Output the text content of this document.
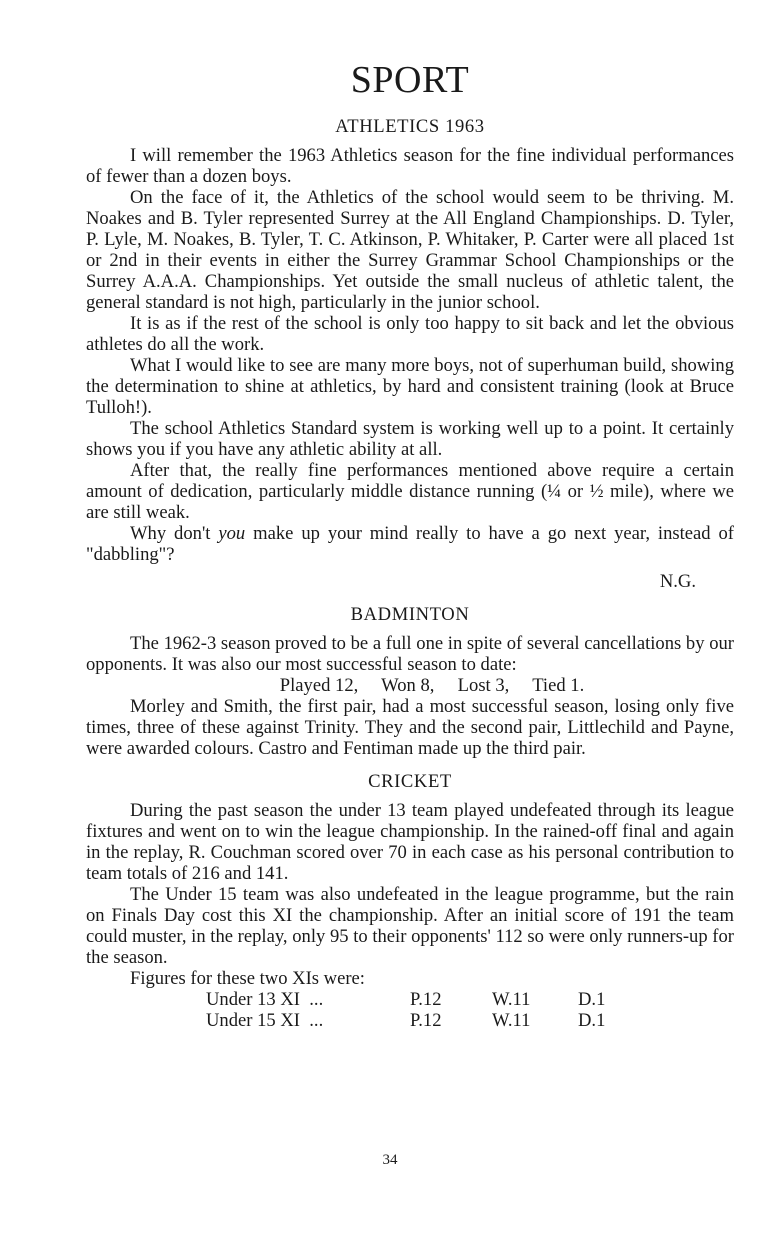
SPORT
ATHLETICS 1963

I will remember the 1963 Athletics season for the fine individual performances of fewer than a dozen boys.

On the face of it, the Athletics of the school would seem to be thriving. M. Noakes and B. Tyler represented Surrey at the All England Championships. D. Tyler, P. Lyle, M. Noakes, B. Tyler, T. C. Atkinson, P. Whitaker, P. Carter were all placed 1st or 2nd in their events in either the Surrey Grammar School Championships or the Surrey A.A.A. Championships. Yet outside the small nucleus of athletic talent, the general standard is not high, particularly in the junior school.

It is as if the rest of the school is only too happy to sit back and let the obvious athletes do all the work.

What I would like to see are many more boys, not of superhuman build, showing the determination to shine at athletics, by hard and consistent training (look at Bruce Tulloh!).

The school Athletics Standard system is working well up to a point. It certainly shows you if you have any athletic ability at all.

After that, the really fine performances mentioned above require a certain amount of dedication, particularly middle distance running (¼ or ½ mile), where we are still weak.

Why don't you make up your mind really to have a go next year, instead of "dabbling"?

N.G.

BADMINTON

The 1962-3 season proved to be a full one in spite of several cancellations by our opponents. It was also our most successful season to date:

Played 12,     Won 8,     Lost 3,     Tied 1.

Morley and Smith, the first pair, had a most successful season, losing only five times, three of these against Trinity. They and the second pair, Littlechild and Payne, were awarded colours. Castro and Fentiman made up the third pair.

CRICKET

During the past season the under 13 team played undefeated through its league fixtures and went on to win the league championship. In the rained-off final and again in the replay, R. Couchman scored over 70 in each case as his personal contribution to team totals of 216 and 141.

The Under 15 team was also undefeated in the league programme, but the rain on Finals Day cost this XI the championship. After an initial score of 191 the team could muster, in the replay, only 95 to their opponents' 112 so were only runners-up for the season.

Figures for these two XIs were:

Under 13 XI  ...	P.12	W.11	D.1
Under 15 XI  ...	P.12	W.11	D.1
34
